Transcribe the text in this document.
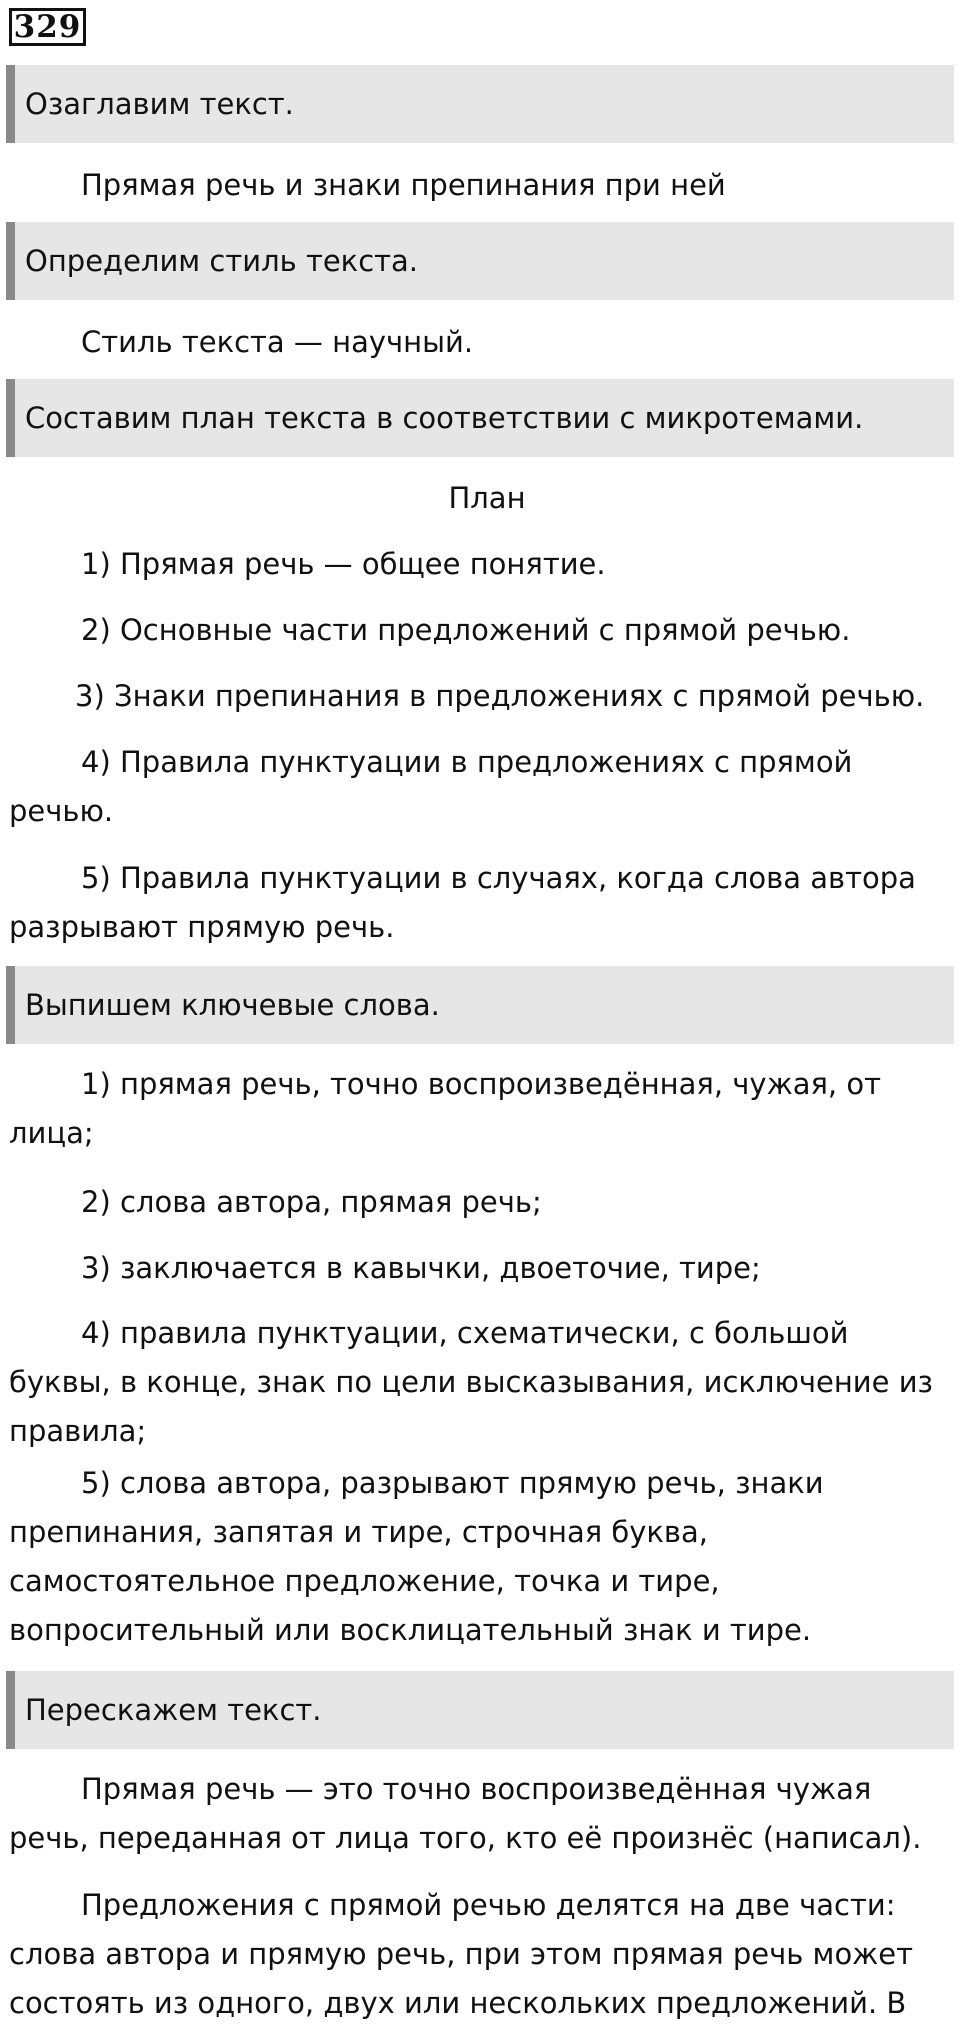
329
Озаглавим текст.
Прямая речь и знаки препинания при ней
Определим стиль текста.
Стиль текста — научный.
Составим план текста в соответствии с микротемами.
План
1) Прямая речь — общее понятие.
2) Основные части предложений с прямой речью.
3) Знаки препинания в предложениях с прямой речью.
4) Правила пунктуации в предложениях с прямой речью.
5) Правила пунктуации в случаях, когда слова автора разрывают прямую речь.
Выпишем ключевые слова.
1) прямая речь, точно воспроизведённая, чужая, от лица;
2) слова автора, прямая речь;
3) заключается в кавычки, двоеточие, тире;
4) правила пунктуации, схематически, с большой буквы, в конце, знак по цели высказывания, исключение из правила;
5) слова автора, разрывают прямую речь, знаки препинания, запятая и тире, строчная буква, самостоятельное предложение, точка и тире, вопросительный или восклицательный знак и тире.
Перескажем текст.
Прямая речь — это точно воспроизведённая чужая речь, переданная от лица того, кто её произнёс (написал).
Предложения с прямой речью делятся на две части: слова автора и прямую речь, при этом прямая речь может состоять из одного, двух или нескольких предложений. В
